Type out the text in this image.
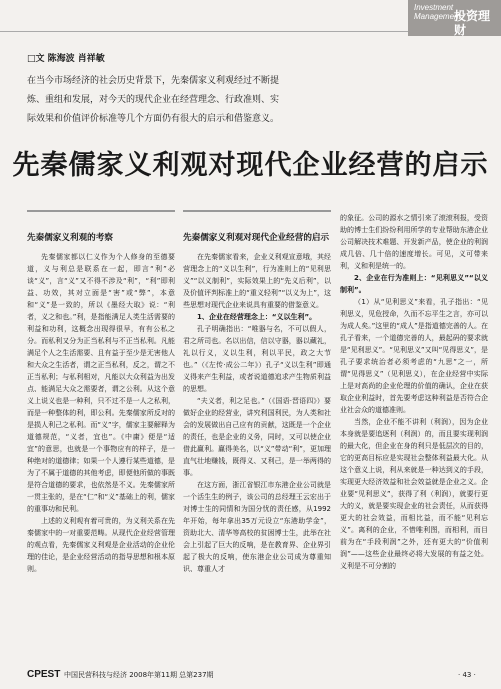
Investment
Management
投资理财
□文 陈海波 肖祥敏
在当今市场经济的社会历史背景下，先秦儒家义利观经过不断提炼、重组和发展，对今天的现代企业在经营理念、行政准则、实际效果和价值评价标准等几个方面仍有很大的启示和借鉴意义。
先秦儒家义利观对现代企业经营的启示
先秦儒家义利观的考察

先秦儒家都以仁义作为个人修身的至德要道，义与利总是联系在一起，即言“利”必谈“义”，言“义”又不得不涉及“利”，“利”即利益、功效，其对立面是“害”或“弊”，本意和“义”是一致的，所以《墨经大取》说：“利者，义之和也。”利，是指能满足人类生活需要的利益和功利，这概念出现得很早，有有公私之分。而私利又分为正当私利与不正当私利。凡能满足个人之生活需要、且有益于至少是无害他人和大众之生活者，谓之正当私利，反之，谓之不正当私利；与私利相对，凡能以大众利益为出发点、能满足大众之需要者，谓之公利。从这个意义上说义也是一种利，只不过不是一人之私利，而是一种整体的利，即公利。先秦儒家所反对的是损人利己之私利。而“义”字，儒家主要解释为道德规范，“义者，宜也”。《中庸》便是“适宜”的意思，也就是一个事物应有的样子，是一种绝对的道德律；如果一个人遵行某些道德，是为了不属于道德的其他考虑，即便他所做的事既是符合道德的要求，也依然是不义。先秦儒家所一贯主张的，是在“仁”和“义”基础上的利，儒家的重事功和民利。

上述的义利观有着可贵的，为义利关系在先秦儒家中的一对重要范畴。从现代企业经营管理的观点看，先秦儒家义利观是企业活动的企业伦理的佳论，是企业经营活动的指导思想和根本原则。

先秦儒家义利观对现代企业经营的启示

在先秦儒家看来，企业义利观宣意哦，其经营理念上的“义以生利”，行为准则上的“见利思义”“以义制利”，实际效果上的“先义后利”，以及价值评判标准上的“重义轻利”“以义为上”，这些思想对现代企业来说具有重要的借鉴意义。

1、企业在经营理念上：“义以生利”。

孔子明确指出：“唯器与名，不可以假人，君之所司也。名以出信，信以守器，器以藏礼，礼以行义，义以生利，利以平民，政之大节也。”（《左传·成公二年》）孔子“义以生利”即通义得来产生利益，或者说道德追求产生物质利益的思想。

“夫义者，利之足也。”（《国语·晋语四》）要做好企业的经营业，讲究利国利民，为人类和社会的发展做出自己应有的贡献，这既是一个企业的责任，也是企业的义务，同时，又可以使企业借此赢利。赢得美名，以“义”带动“利”，更加理直气壮地赚钱，既得义、又利己，是一举两得的事。

在这方面，浙江省银江市东港企业公司就是一个活生生的例子，该公司的总经理王云宏出于对博士生的同情和为国分忧的责任感，从1992年开始，每年拿出35万元设立“东港助学金”，资助北大、清华等高校的贫困博士生，此举在社会上引起了巨大的反响，是在教育界、企业界引起了极大的反响，使东港企业公司成为尊重知识、尊重人才

的象征。公司的源水之情引来了滚滚利报，受资助的博士生们纷纷利用所学的专业帮助东港企业公司解决技术难题、开发新产品，使企业的利润成几倍、几十倍的速度增长。可见，义可带来利，义和利是统一的。

2、企业在行为准则上：“见利思义”“以义制利”。

（1）从“见利思义”来看，孔子指出：“见利思义，见危授命，久而不忘平生之言，亦可以为成人矣。”这里的“成人”是指道德完善的人。在孔子看来，一个道德完善的人，最起码的要求就是“见利思义”。“见利思义”又叫“见得思义”，是孔子要求统治者必须考虑的“九思”之一，所谓“见得思义”（见利思义），在企业经营中实际上是对高尚的企业伦理的价值的确认，企业在获取企业利益时，首先要考虑这种利益是否符合企业社会众的道德准则。

当然，企业不能不讲利（利润），因为企业本身就是要追逐利（利润）的，而且要实现利润的最大化，但企业在身的利只是低层次的目的，它的更高目标应是实现社会整体利益最大化。从这个意义上说，利从来就是一种达到义的手段，实现更大经济效益和社会效益就是企业之义。企业要“见利思义”，获得了利（利润），就要行更大的义，就是要实现企业的社会责任，从而获得更大的社会效益，而相比益，而不能“见利忘义”。离利的企业，不惜唯利图，而相利，而目前为在“手段利润”之外，还有更大的“价值利润”——这些企业最终必将大发展的有益之处。义利是不可分割的

CPEST 中国民营科技与经济 2008年第11期 总第237期	· 43 ·
